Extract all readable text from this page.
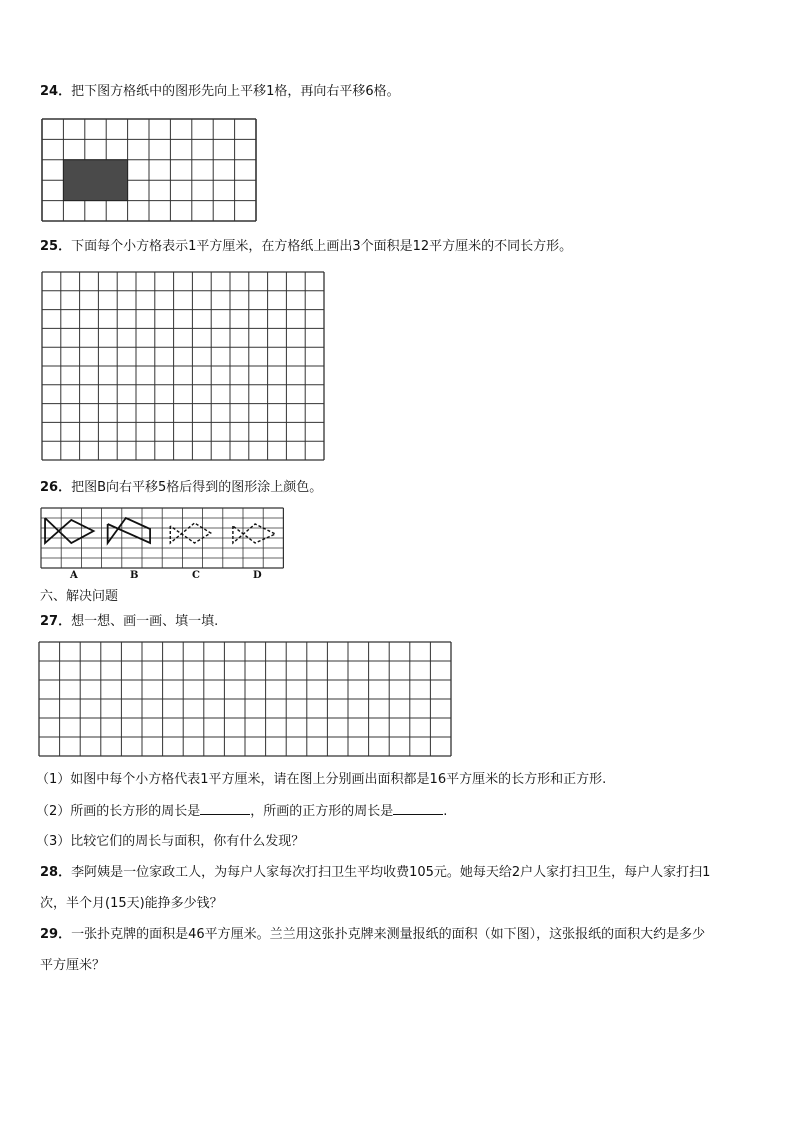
24．把下图方格纸中的图形先向上平移1格，再向右平移6格。
25．下面每个小方格表示1平方厘米，在方格纸上画出3个面积是12平方厘米的不同长方形。
26．把图B向右平移5格后得到的图形涂上颜色。
A	B	C	D
六、解决问题
27．想一想、画一画、填一填.
（1）如图中每个小方格代表1平方厘米，请在图上分别画出面积都是16平方厘米的长方形和正方形.
（2）所画的长方形的周长是	，所画的正方形的周长是	.
（3）比较它们的周长与面积，你有什么发现？
28．李阿姨是一位家政工人，为每户人家每次打扫卫生平均收费105元。她每天给2户人家打扫卫生，每户人家打扫1
次，半个月(15天)能挣多少钱？
29．一张扑克牌的面积是46平方厘米。兰兰用这张扑克牌来测量报纸的面积（如下图），这张报纸的面积大约是多少
平方厘米？
